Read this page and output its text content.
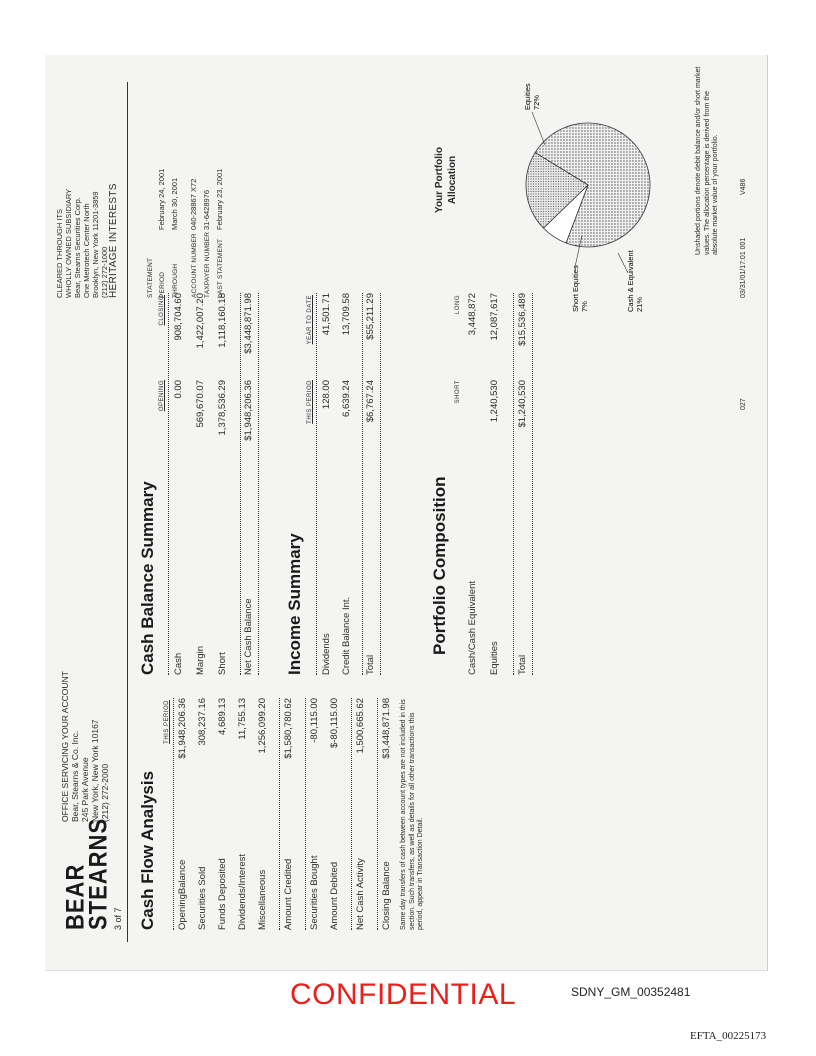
BEAR
STEARNS
OFFICE SERVICING YOUR ACCOUNT Bear, Stearns & Co. Inc. 245 Park Avenue New York, New York 10167 (212) 272-2000
3 of 7
CLEARED THROUGH ITS WHOLLY OWNED SUBSIDIARY Bear, Stearns Securities Corp. One Metrotech Center North Brooklyn, New York 11201-3859 (212) 272-1000 HERITAGE INTERESTS	STATEMENT PERIODFebruary 24, 2001
THROUGHMarch 30, 2001
ACCOUNT NUMBER040-28867 X72
TAXPAYER NUMBER31-6428976
LAST STATEMENTFebruary 23, 2001
Cash Flow Analysis
THIS PERIOD
OpeningBalance
$1,948,206.36
Securities Sold
308,237.16
Funds Deposited
4,689.13
Dividends/Interest
11,755.13
Miscellaneous
1,256,099.20
Amount Credited
$1,580,780.62
Securities Bought
-80,115.00
Amount Debited
$-80,115.00
Net Cash Activity
1,500,665.62
Closing Balance
$3,448,871.98 Same day transfers of cash between account types are not included in this section. Such transfers, as well as details for all other transactions this period, appear in Transaction Detail.
Cash Balance Summary
OPENING
CLOSING
Cash
0.00
908,704.60
Margin
569,670.07
1,422,007.20
Short
1,378,536.29
1,118,160.18
Net Cash Balance
$1,948,206.36
$3,448,871.98
Income Summary
THIS PERIOD
YEAR TO DATE
Dividends
128.00
41,501.71
Credit Balance Int.
6,639.24
13,709.58
Total
$6,767.24
$55,211.29
Portfolio Composition
SHORT
LONG
Cash/Cash Equivalent
3,448,872
Equities
1,240,530
12,087,617
Total
$1,240,530
$15,536,489
Your Portfolio Allocation
Equities 72%
Cash & Equivalent 21%
Short Equities 7%
Unshaded portions denote debit balance and/or short market values. The allocation percentage is derived from the absolute market value of your portfolio.
03/31/01/17:01 001
V486
027
CONFIDENTIAL	SDNY_GM_00352481
EFTA_00225173
